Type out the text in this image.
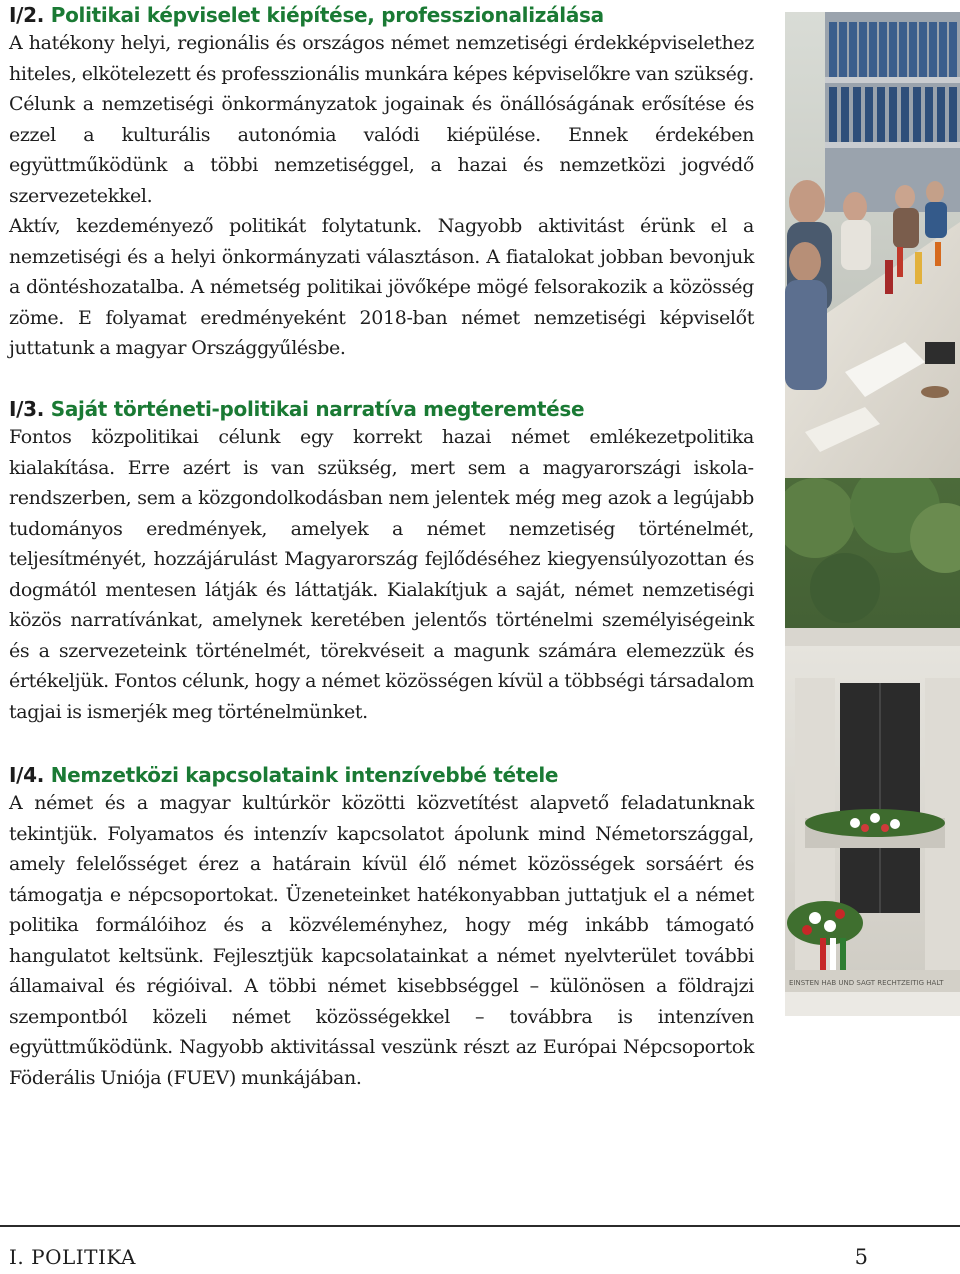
I/2. Politikai képviselet kiépítése, professzionalizálása

A hatékony helyi, regionális és országos német nemzetiségi érdekképviselethez hiteles, elkötelezett és professzionális munkára képes képviselőkre van szükség. Célunk a nemzetiségi önkormányzatok jogainak és önállóságának erősítése és ezzel a kulturális autonómia valódi kiépülése. Ennek érdekében együttműködünk a többi nemzetiséggel, a hazai és nemzetközi jogvédő szervezetekkel.

Aktív, kezdeményező politikát folytatunk. Nagyobb aktivitást érünk el a nemzetiségi és a helyi önkormányzati választáson. A fiatalokat jobban bevonjuk a döntéshozatalba. A németség politikai jövőképe mögé felsorakozik a közösség zöme. E folyamat eredményeként 2018-ban német nemzetiségi képviselőt juttatunk a magyar Országgyűlésbe.

I/3. Saját történeti-politikai narratíva megteremtése

Fontos közpolitikai célunk egy korrekt hazai német emlékezetpolitika kialakítása. Erre azért is van szükség, mert sem a magyarországi iskolarendszerben, sem a közgondolkodásban nem jelentek még meg azok a legújabb tudományos eredmények, amelyek a német nemzetiség történelmét, teljesítményét, hozzájárulást Magyarország fejlődéséhez kiegyensúlyozottan és dogmától mentesen látják és láttatják. Kialakítjuk a saját, német nemzetiségi közös narratívánkat, amelynek keretében jelentős történelmi személyiségeink és a szervezeteink történelmét, törekvéseit a magunk számára elemezzük és értékeljük. Fontos célunk, hogy a német közösségen kívül a többségi társadalom tagjai is ismerjék meg történelmünket.

I/4. Nemzetközi kapcsolataink intenzívebbé tétele

A német és a magyar kultúrkör közötti közvetítést alapvető feladatunknak tekintjük. Folyamatos és intenzív kapcsolatot ápolunk mind Németországgal, amely felelősséget érez a határain kívül élő német közösségek sorsáért és támogatja e népcsoportokat. Üzeneteinket hatékonyabban juttatjuk el a német politika formálóihoz és a közvéleményhez, hogy még inkább támogató hangulatot keltsünk. Fejlesztjük kapcsolatainkat a német nyelvterület további államaival és régióival. A többi német kisebbséggel – különösen a földrajzi szempontból közeli német közösségekkel – továbbra is intenzíven együttműködünk. Nagyobb aktivitással veszünk részt az Európai Népcsoportok Föderális Uniója (FUEV) munkájában.

EINSTEN HAB UND SAGT RECHTZEITIG HALT
I. POLITIKA	5
